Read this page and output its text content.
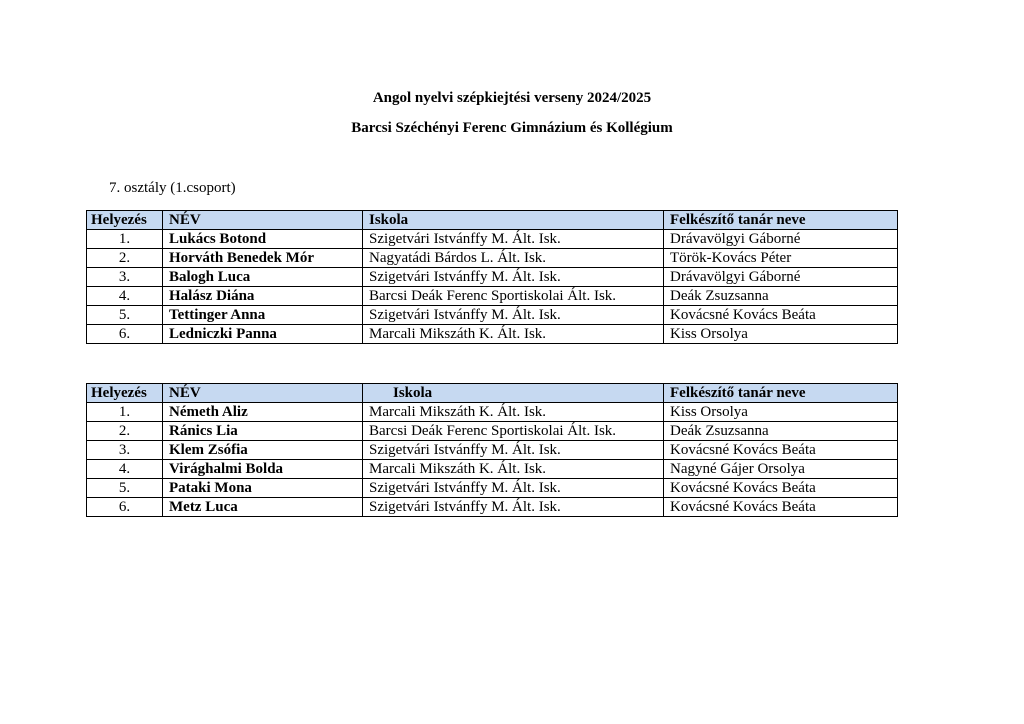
Angol nyelvi szépkiejtési verseny 2024/2025
Barcsi Széchényi Ferenc Gimnázium és Kollégium
7. osztály (1.csoport)
Helyezés	NÉV	Iskola	Felkészítő tanár neve
1.	Lukács Botond	Szigetvári Istvánffy M. Ált. Isk.	Drávavölgyi Gáborné
2.	Horváth Benedek Mór	Nagyatádi Bárdos L. Ált. Isk.	Török-Kovács Péter
3.	Balogh Luca	Szigetvári Istvánffy M. Ált. Isk.	Drávavölgyi Gáborné
4.	Halász Diána	Barcsi Deák Ferenc Sportiskolai Ált. Isk.	Deák Zsuzsanna
5.	Tettinger Anna	Szigetvári Istvánffy M. Ált. Isk.	Kovácsné Kovács Beáta
6.	Ledniczki Panna	Marcali Mikszáth K. Ált. Isk.	Kiss Orsolya
Helyezés	NÉV	Iskola	Felkészítő tanár neve
1.	Németh Aliz	Marcali Mikszáth K. Ált. Isk.	Kiss Orsolya
2.	Ránics Lia	Barcsi Deák Ferenc Sportiskolai Ált. Isk.	Deák Zsuzsanna
3.	Klem Zsófia	Szigetvári Istvánffy M. Ált. Isk.	Kovácsné Kovács Beáta
4.	Virághalmi Bolda	Marcali Mikszáth K. Ált. Isk.	Nagyné Gájer Orsolya
5.	Pataki Mona	Szigetvári Istvánffy M. Ált. Isk.	Kovácsné Kovács Beáta
6.	Metz Luca	Szigetvári Istvánffy M. Ált. Isk.	Kovácsné Kovács Beáta
